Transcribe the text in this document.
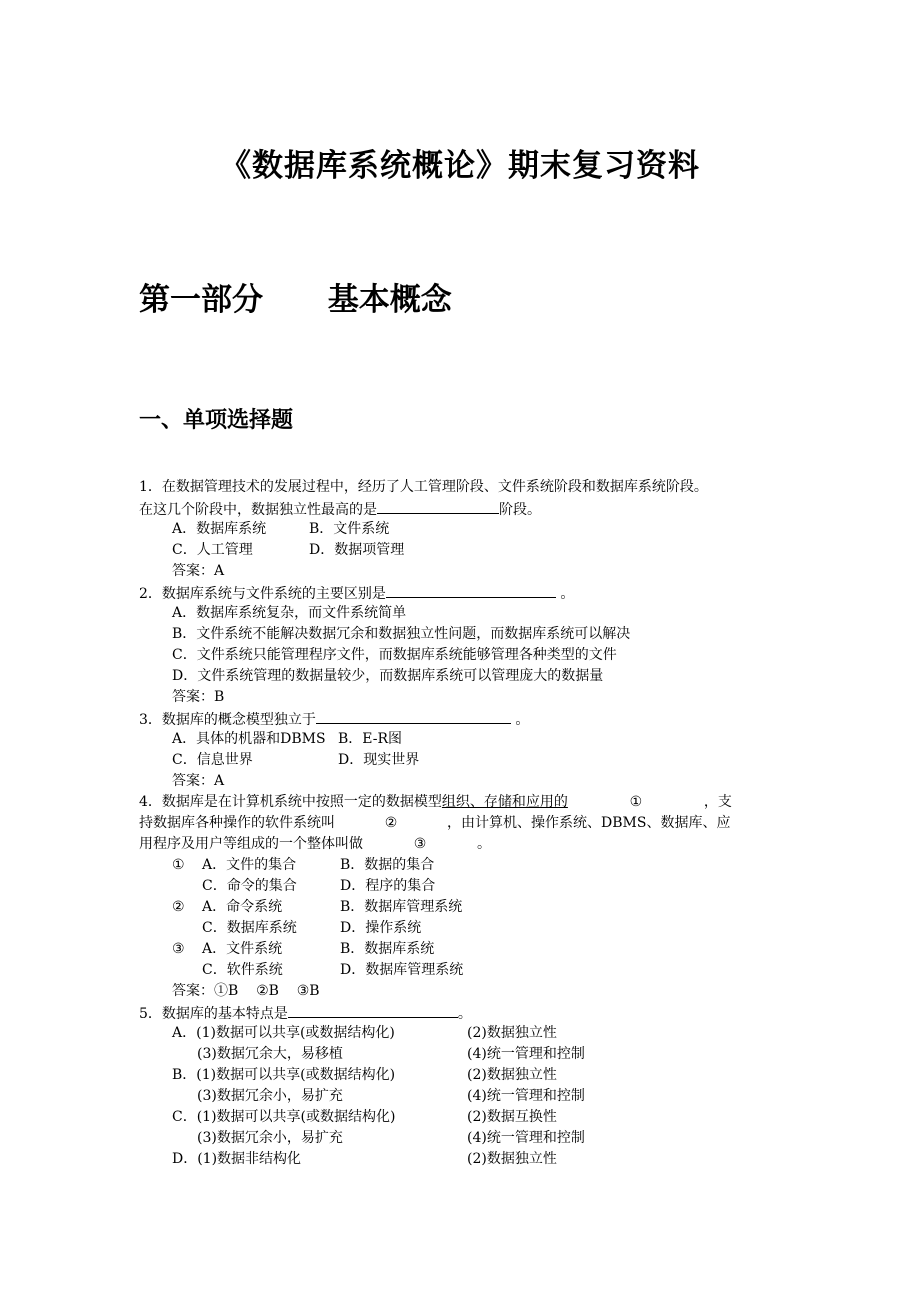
《数据库系统概论》期末复习资料
第一部分      基本概念
一、单项选择题
1．在数据管理技术的发展过程中，经历了人工管理阶段、文件系统阶段和数据库系统阶段。
在这几个阶段中，数据独立性最高的是	阶段。
A．数据库系统	B．文件系统
C．人工管理	D．数据项管理
答案：A
2．数据库系统与文件系统的主要区别是	。
A．数据库系统复杂，而文件系统简单
B．文件系统不能解决数据冗余和数据独立性问题，而数据库系统可以解决
C．文件系统只能管理程序文件，而数据库系统能够管理各种类型的文件
D．文件系统管理的数据量较少，而数据库系统可以管理庞大的数据量
答案：B
3．数据库的概念模型独立于	。
A．具体的机器和DBMS B．E-R图
C．信息世界	D．现实世界
答案：A
4．数据库是在计算机系统中按照一定的数据模型组织、存储和应用的	①	，支
持数据库各种操作的软件系统叫	②	，由计算机、操作系统、DBMS、数据库、应
用程序及用户等组成的一个整体叫做	③	。
① A．文件的集合	B．数据的集合
C．命令的集合	D．程序的集合
② A．命令系统	B．数据库管理系统
C．数据库系统	D．操作系统
③ A．文件系统	B．数据库系统
C．软件系统	D．数据库管理系统
答案：①B    ②B    ③B
5．数据库的基本特点是	。
A．(1)数据可以共享(或数据结构化)	(2)数据独立性
(3)数据冗余大，易移植	(4)统一管理和控制
B．(1)数据可以共享(或数据结构化)	(2)数据独立性
(3)数据冗余小，易扩充	(4)统一管理和控制
C．(1)数据可以共享(或数据结构化)	(2)数据互换性
(3)数据冗余小，易扩充	(4)统一管理和控制
D．(1)数据非结构化	(2)数据独立性
